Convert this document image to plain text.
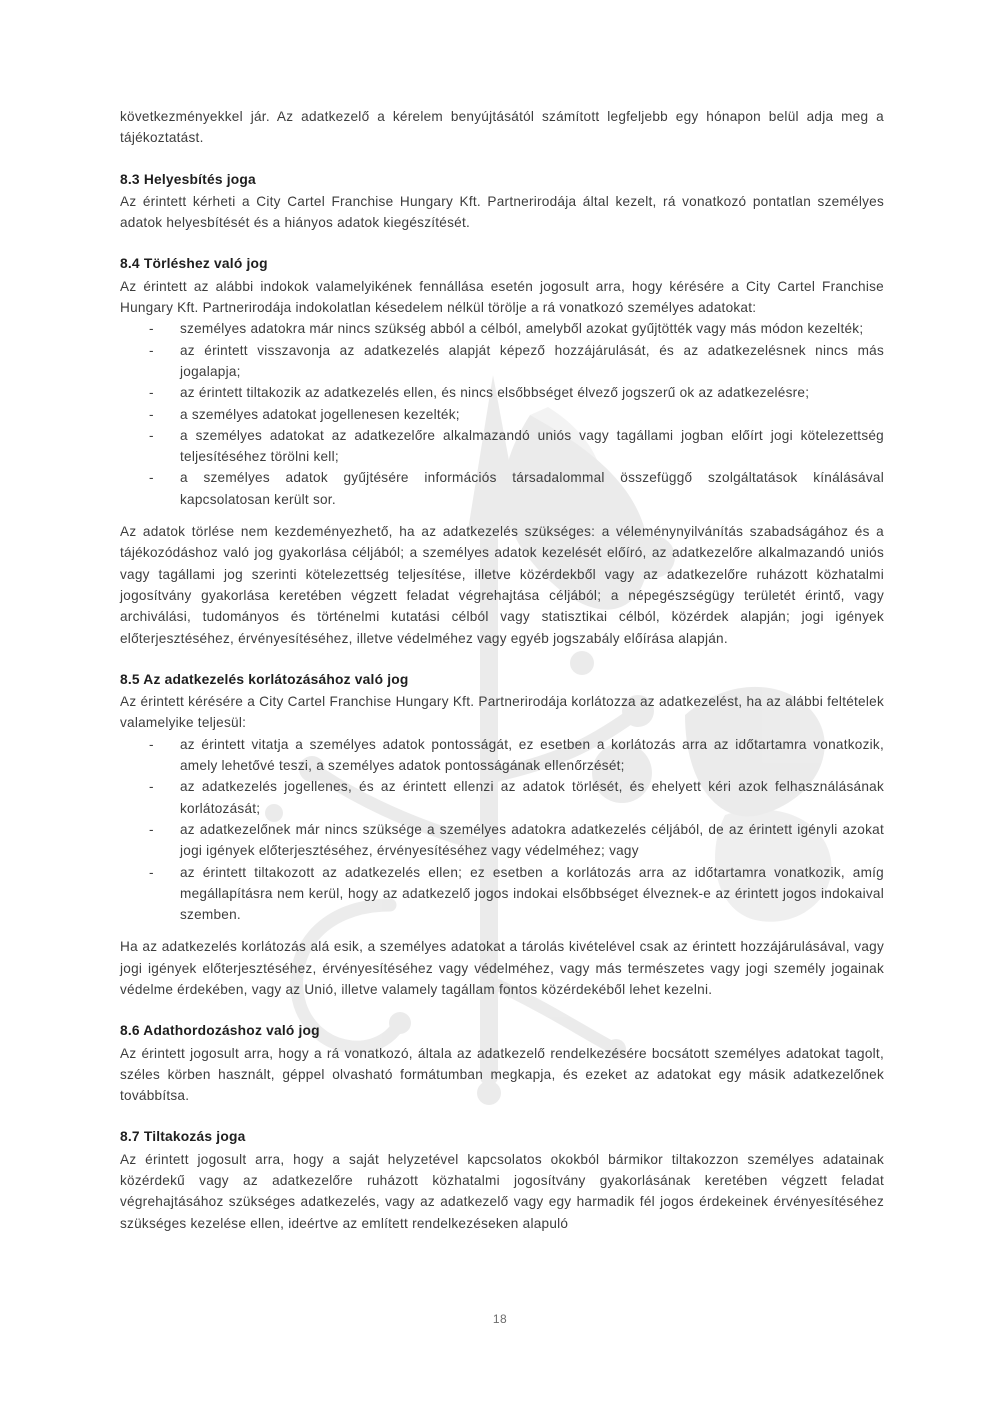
következményekkel jár. Az adatkezelő a kérelem benyújtásától számított legfeljebb egy hónapon belül adja meg a tájékoztatást.

8.3 Helyesbítés joga

Az érintett kérheti a City Cartel Franchise Hungary Kft. Partnerirodája által kezelt, rá vonatkozó pontatlan személyes adatok helyesbítését és a hiányos adatok kiegészítését.

8.4 Törléshez való jog

Az érintett az alábbi indokok valamelyikének fennállása esetén jogosult arra, hogy kérésére a City Cartel Franchise Hungary Kft. Partnerirodája indokolatlan késedelem nélkül törölje a rá vonatkozó személyes adatokat:

- személyes adatokra már nincs szükség abból a célból, amelyből azokat gyűjtötték vagy más módon kezelték;
- az érintett visszavonja az adatkezelés alapját képező hozzájárulását, és az adatkezelésnek nincs más jogalapja;
- az érintett tiltakozik az adatkezelés ellen, és nincs elsőbbséget élvező jogszerű ok az adatkezelésre;
- a személyes adatokat jogellenesen kezelték;
- a személyes adatokat az adatkezelőre alkalmazandó uniós vagy tagállami jogban előírt jogi kötelezettség teljesítéséhez törölni kell;
- a személyes adatok gyűjtésére információs társadalommal összefüggő szolgáltatások kínálásával kapcsolatosan került sor.

Az adatok törlése nem kezdeményezhető, ha az adatkezelés szükséges: a véleménynyilvánítás szabadságához és a tájékozódáshoz való jog gyakorlása céljából; a személyes adatok kezelését előíró, az adatkezelőre alkalmazandó uniós vagy tagállami jog szerinti kötelezettség teljesítése, illetve közérdekből vagy az adatkezelőre ruházott közhatalmi jogosítvány gyakorlása keretében végzett feladat végrehajtása céljából; a népegészségügy területét érintő, vagy archiválási, tudományos és történelmi kutatási célból vagy statisztikai célból, közérdek alapján; jogi igények előterjesztéséhez, érvényesítéséhez, illetve védelméhez vagy egyéb jogszabály előírása alapján.

8.5 Az adatkezelés korlátozásához való jog

Az érintett kérésére a City Cartel Franchise Hungary Kft. Partnerirodája korlátozza az adatkezelést, ha az alábbi feltételek valamelyike teljesül:

- az érintett vitatja a személyes adatok pontosságát, ez esetben a korlátozás arra az időtartamra vonatkozik, amely lehetővé teszi, a személyes adatok pontosságának ellenőrzését;
- az adatkezelés jogellenes, és az érintett ellenzi az adatok törlését, és ehelyett kéri azok felhasználásának korlátozását;
- az adatkezelőnek már nincs szüksége a személyes adatokra adatkezelés céljából, de az érintett igényli azokat jogi igények előterjesztéséhez, érvényesítéséhez vagy védelméhez; vagy
- az érintett tiltakozott az adatkezelés ellen; ez esetben a korlátozás arra az időtartamra vonatkozik, amíg megállapításra nem kerül, hogy az adatkezelő jogos indokai elsőbbséget élveznek-e az érintett jogos indokaival szemben.

Ha az adatkezelés korlátozás alá esik, a személyes adatokat a tárolás kivételével csak az érintett hozzájárulásával, vagy jogi igények előterjesztéséhez, érvényesítéséhez vagy védelméhez, vagy más természetes vagy jogi személy jogainak védelme érdekében, vagy az Unió, illetve valamely tagállam fontos közérdekéből lehet kezelni.

8.6 Adathordozáshoz való jog

Az érintett jogosult arra, hogy a rá vonatkozó, általa az adatkezelő rendelkezésére bocsátott személyes adatokat tagolt, széles körben használt, géppel olvasható formátumban megkapja, és ezeket az adatokat egy másik adatkezelőnek továbbítsa.

8.7 Tiltakozás joga

Az érintett jogosult arra, hogy a saját helyzetével kapcsolatos okokból bármikor tiltakozzon személyes adatainak közérdekű vagy az adatkezelőre ruházott közhatalmi jogosítvány gyakorlásának keretében végzett feladat végrehajtásához szükséges adatkezelés, vagy az adatkezelő vagy egy harmadik fél jogos érdekeinek érvényesítéséhez szükséges kezelése ellen, ideértve az említett rendelkezéseken alapuló

18
